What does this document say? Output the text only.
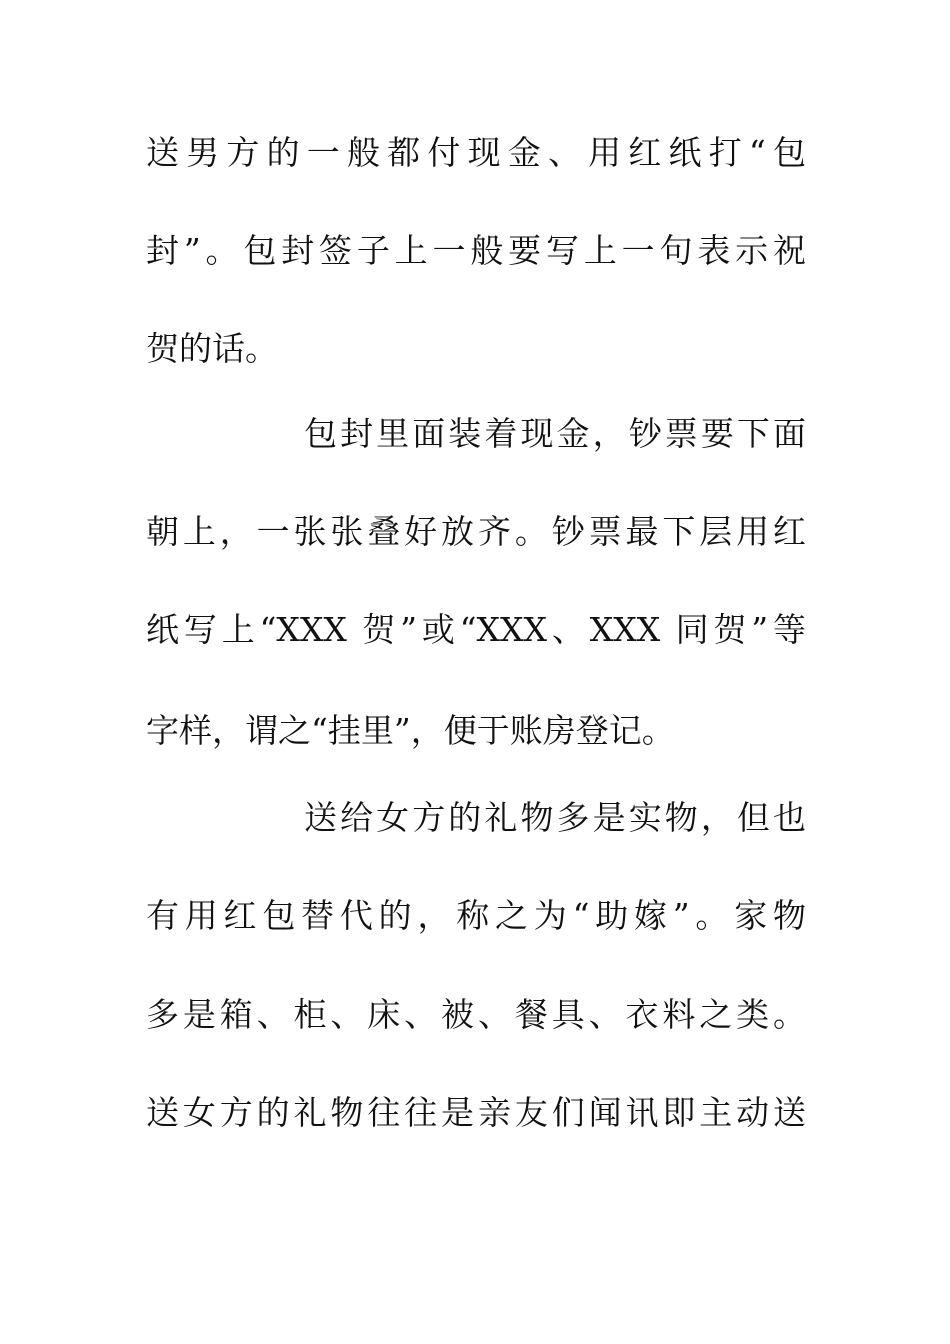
送男方的一般都付现金、用红纸打“包
封”。包封签子上一般要写上一句表示祝
贺的话。
包封里面装着现金，钞票要下面
朝上，一张张叠好放齐。钞票最下层用红
纸写上“XXX 贺”或“XXX、XXX 同贺”等
字样，谓之“挂里”，便于账房登记。
送给女方的礼物多是实物，但也
有用红包替代的，称之为“助嫁”。家物
多是箱、柜、床、被、餐具、衣料之类。
送女方的礼物往往是亲友们闻讯即主动送
